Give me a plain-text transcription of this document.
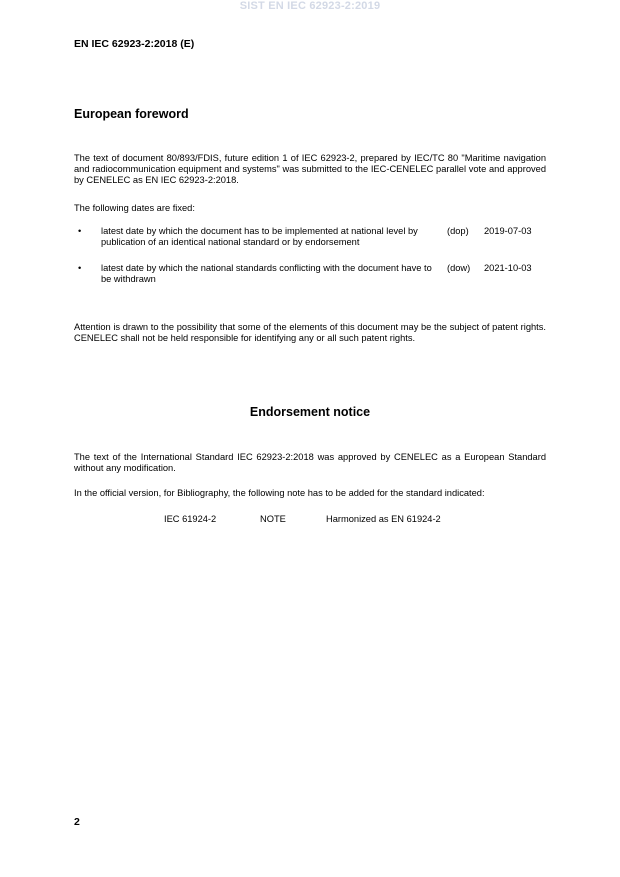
SIST EN IEC 62923-2:2019
EN IEC 62923-2:2018 (E)
European foreword
The text of document 80/893/FDIS, future edition 1 of IEC 62923-2, prepared by IEC/TC 80 "Maritime navigation and radiocommunication equipment and systems" was submitted to the IEC-CENELEC parallel vote and approved by CENELEC as EN IEC 62923-2:2018.
The following dates are fixed:
• latest date by which the document has to be implemented at national level by publication of an identical national standard or by endorsement
(dop) 2019-07-03
• latest date by which the national standards conflicting with the document have to be withdrawn
(dow) 2021-10-03
Attention is drawn to the possibility that some of the elements of this document may be the subject of patent rights. CENELEC shall not be held responsible for identifying any or all such patent rights.
Endorsement notice
The text of the International Standard IEC 62923-2:2018 was approved by CENELEC as a European Standard without any modification.
In the official version, for Bibliography, the following note has to be added for the standard indicated:
IEC 61924-2	NOTE	Harmonized as EN 61924-2
2
